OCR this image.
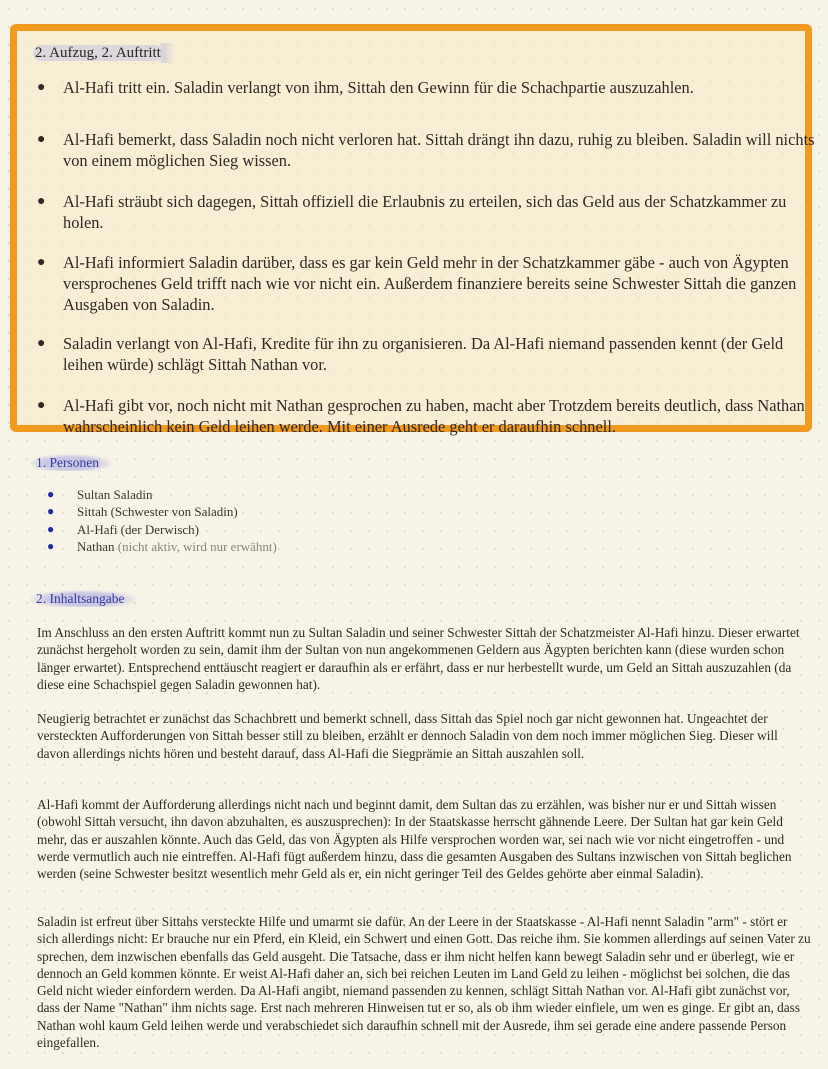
2. Aufzug, 2. Auftritt
● Al-Hafi tritt ein. Saladin verlangt von ihm, Sittah den Gewinn für die Schachpartie auszuzahlen.
● Al-Hafi bemerkt, dass Saladin noch nicht verloren hat. Sittah drängt ihn dazu, ruhig zu bleiben. Saladin will nichts von einem möglichen Sieg wissen.
● Al-Hafi sträubt sich dagegen, Sittah offiziell die Erlaubnis zu erteilen, sich das Geld aus der Schatzkammer zu holen.
● Al-Hafi informiert Saladin darüber, dass es gar kein Geld mehr in der Schatzkammer gäbe - auch von Ägypten versprochenes Geld trifft nach wie vor nicht ein. Außerdem finanziere bereits seine Schwester Sittah die ganzen Ausgaben von Saladin.
● Saladin verlangt von Al-Hafi, Kredite für ihn zu organisieren. Da Al-Hafi niemand passenden kennt (der Geld leihen würde) schlägt Sittah Nathan vor.
● Al-Hafi gibt vor, noch nicht mit Nathan gesprochen zu haben, macht aber Trotzdem bereits deutlich, dass Nathan wahrscheinlich kein Geld leihen werde. Mit einer Ausrede geht er daraufhin schnell.
1. Personen
● Sultan Saladin
● Sittah (Schwester von Saladin)
● Al-Hafi (der Derwisch)
● Nathan (nicht aktiv, wird nur erwähnt)
2. Inhaltsangabe

Im Anschluss an den ersten Auftritt kommt nun zu Sultan Saladin und seiner Schwester Sittah der Schatzmeister Al-Hafi hinzu. Dieser erwartet zunächst hergeholt worden zu sein, damit ihm der Sultan von nun angekommenen Geldern aus Ägypten berichten kann (diese wurden schon länger erwartet). Entsprechend enttäuscht reagiert er daraufhin als er erfährt, dass er nur herbestellt wurde, um Geld an Sittah auszuzahlen (da diese eine Schachspiel gegen Saladin gewonnen hat).

Neugierig betrachtet er zunächst das Schachbrett und bemerkt schnell, dass Sittah das Spiel noch gar nicht gewonnen hat. Ungeachtet der versteckten Aufforderungen von Sittah besser still zu bleiben, erzählt er dennoch Saladin von dem noch immer möglichen Sieg. Dieser will davon allerdings nichts hören und besteht darauf, dass Al-Hafi die Siegprämie an Sittah auszahlen soll.

Al-Hafi kommt der Aufforderung allerdings nicht nach und beginnt damit, dem Sultan das zu erzählen, was bisher nur er und Sittah wissen (obwohl Sittah versucht, ihn davon abzuhalten, es auszusprechen): In der Staatskasse herrscht gähnende Leere. Der Sultan hat gar kein Geld mehr, das er auszahlen könnte. Auch das Geld, das von Ägypten als Hilfe versprochen worden war, sei nach wie vor nicht eingetroffen - und werde vermutlich auch nie eintreffen. Al-Hafi fügt außerdem hinzu, dass die gesamten Ausgaben des Sultans inzwischen von Sittah beglichen werden (seine Schwester besitzt wesentlich mehr Geld als er, ein nicht geringer Teil des Geldes gehörte aber einmal Saladin).

Saladin ist erfreut über Sittahs versteckte Hilfe und umarmt sie dafür. An der Leere in der Staatskasse - Al-Hafi nennt Saladin "arm" - stört er sich allerdings nicht: Er brauche nur ein Pferd, ein Kleid, ein Schwert und einen Gott. Das reiche ihm. Sie kommen allerdings auf seinen Vater zu sprechen, dem inzwischen ebenfalls das Geld ausgeht. Die Tatsache, dass er ihm nicht helfen kann bewegt Saladin sehr und er überlegt, wie er dennoch an Geld kommen könnte. Er weist Al-Hafi daher an, sich bei reichen Leuten im Land Geld zu leihen - möglichst bei solchen, die das Geld nicht wieder einfordern werden. Da Al-Hafi angibt, niemand passenden zu kennen, schlägt Sittah Nathan vor. Al-Hafi gibt zunächst vor, dass der Name "Nathan" ihm nichts sage. Erst nach mehreren Hinweisen tut er so, als ob ihm wieder einfiele, um wen es ginge. Er gibt an, dass Nathan wohl kaum Geld leihen werde und verabschiedet sich daraufhin schnell mit der Ausrede, ihm sei gerade eine andere passende Person eingefallen.
